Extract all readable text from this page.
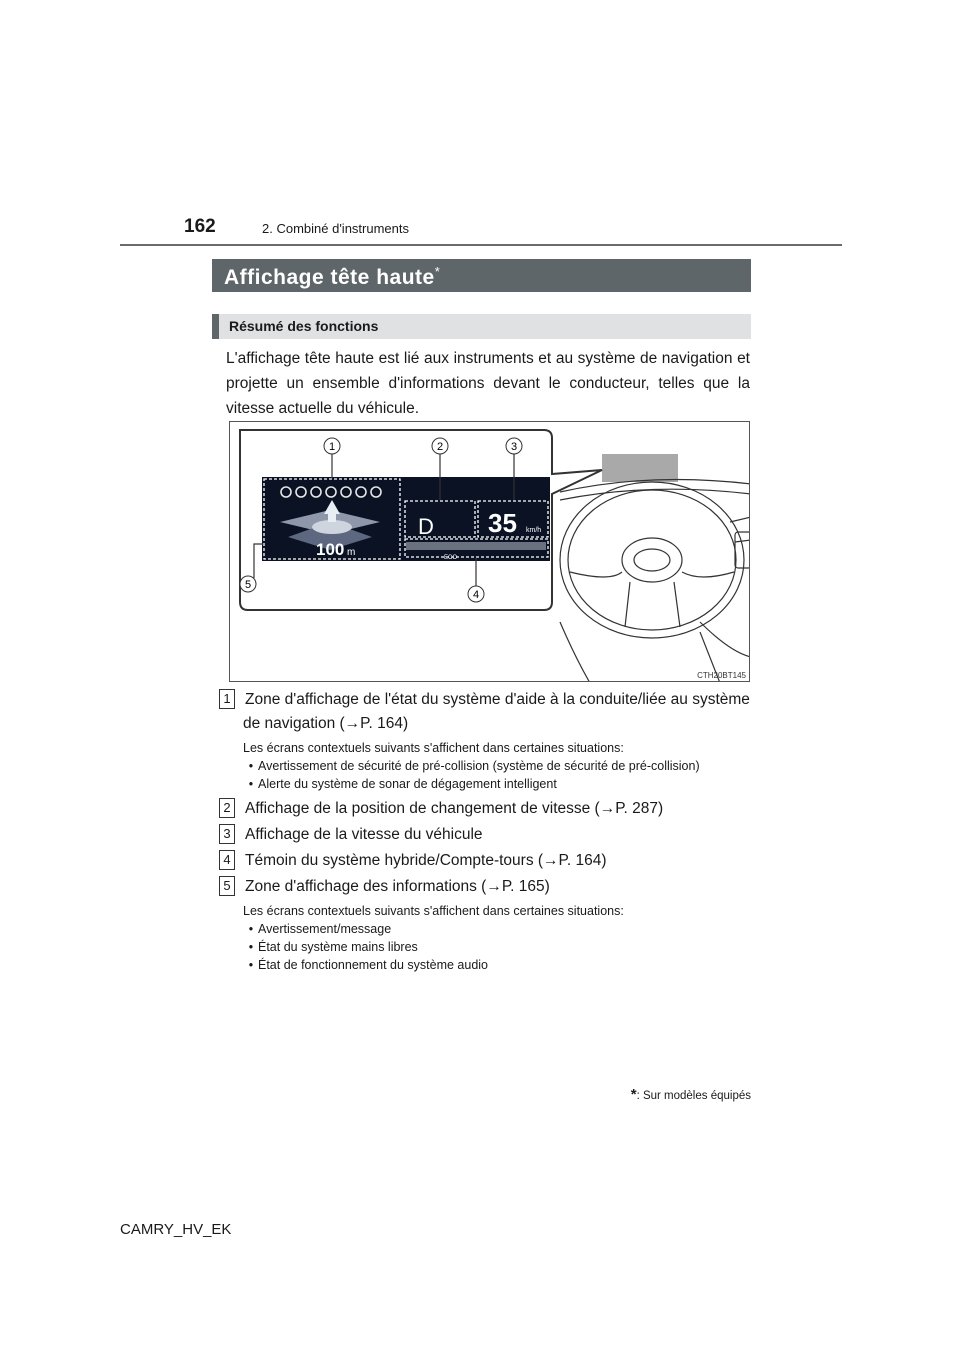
162	2. Combiné d'instruments
Affichage tête haute*
Résumé des fonctions
L'affichage tête haute est lié aux instruments et au système de navigation et projette un ensemble d'informations devant le conducteur, telles que la vitesse actuelle du véhicule.
100 m
D 35 km/h
ECO
1	2	3
4
5
CTH20BT145
1 Zone d'affichage de l'état du système d'aide à la conduite/liée au système
de navigation (→P. 164)
Les écrans contextuels suivants s'affichent dans certaines situations:
• Avertissement de sécurité de pré-collision (système de sécurité de pré-collision)
• Alerte du système de sonar de dégagement intelligent
2 Affichage de la position de changement de vitesse (→P. 287)
3 Affichage de la vitesse du véhicule
4 Témoin du système hybride/Compte-tours (→P. 164)
5 Zone d'affichage des informations (→P. 165)
Les écrans contextuels suivants s'affichent dans certaines situations:
• Avertissement/message
• État du système mains libres
• État de fonctionnement du système audio
*: Sur modèles équipés
CAMRY_HV_EK
